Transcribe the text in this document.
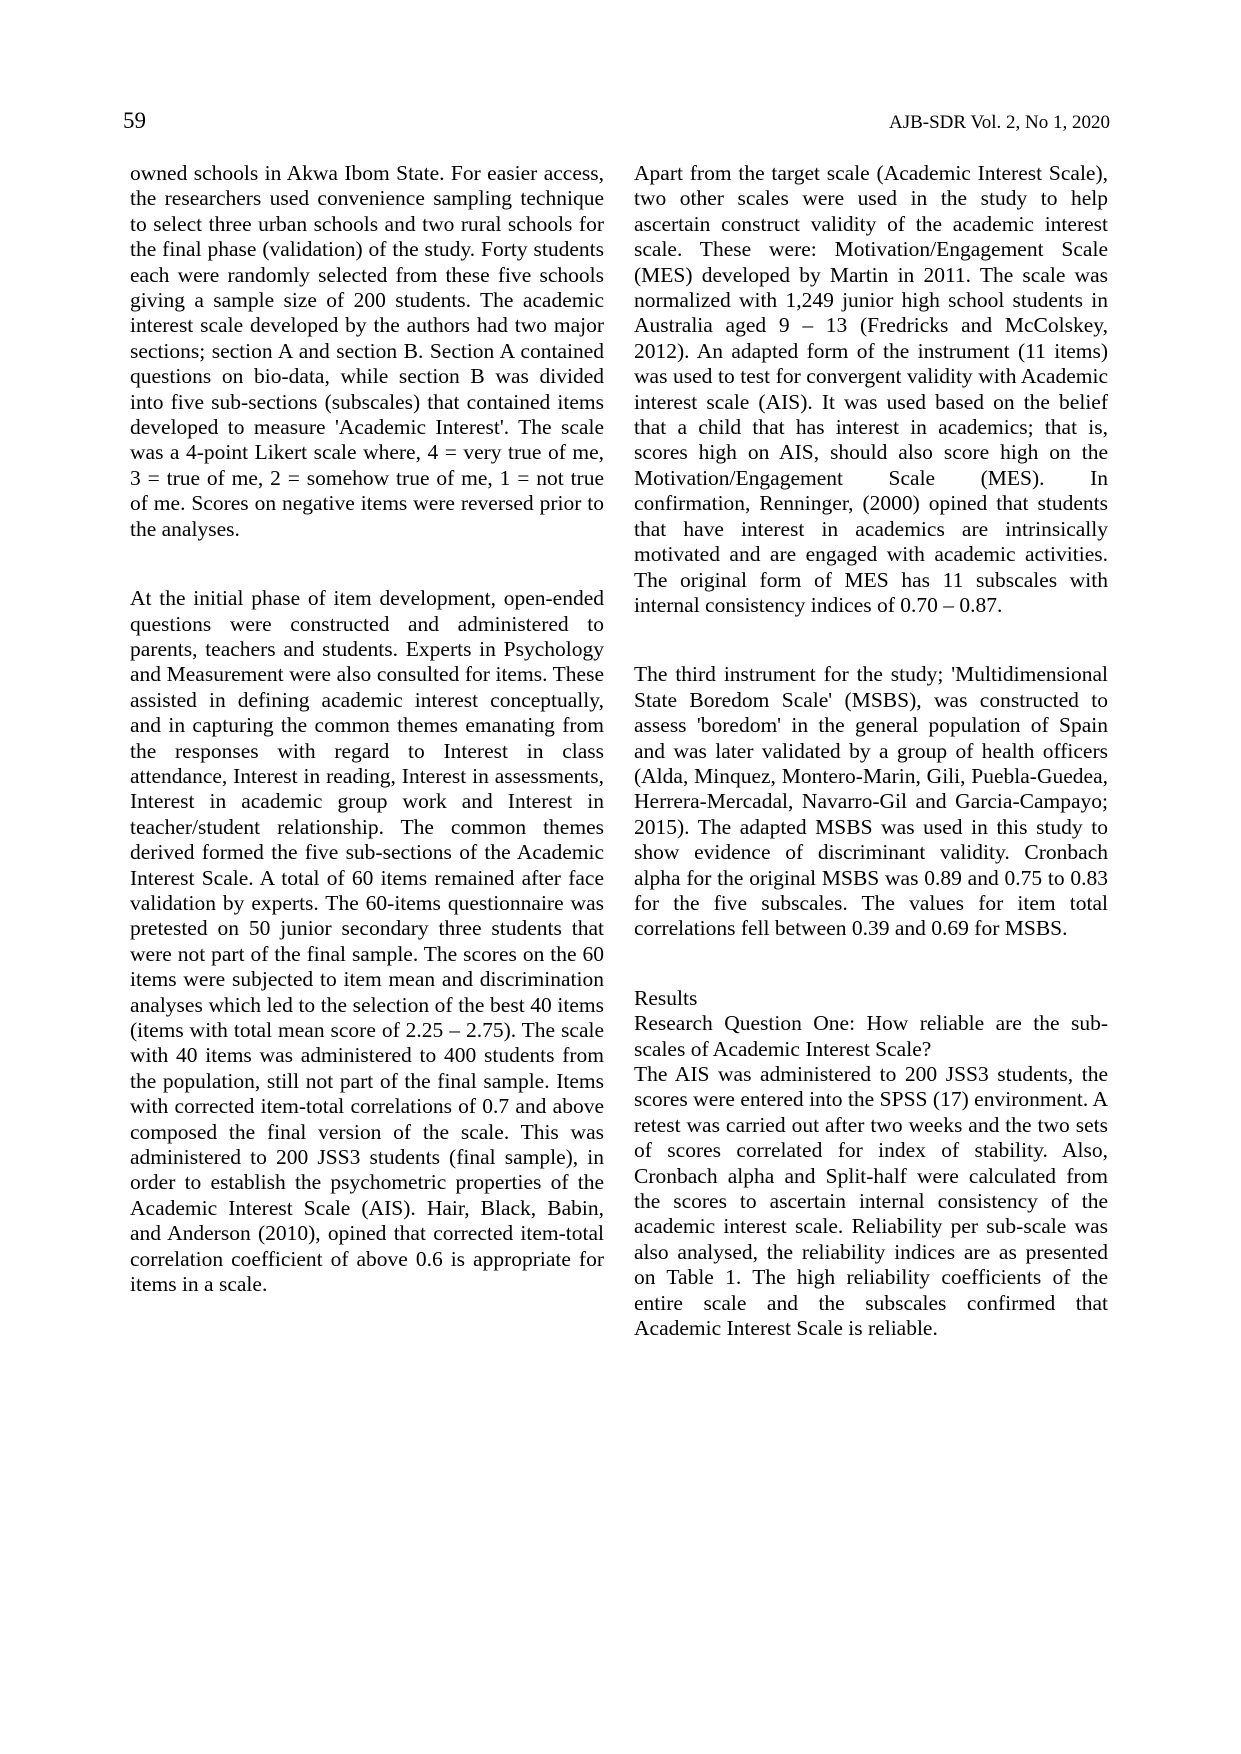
59	AJB-SDR Vol. 2, No 1, 2020

owned schools in Akwa Ibom State. For easier access, the researchers used convenience sampling technique to select three urban schools and two rural schools for the final phase (validation) of the study. Forty students each were randomly selected from these five schools giving a sample size of 200 students. The academic interest scale developed by the authors had two major sections; section A and section B. Section A contained questions on bio-data, while section B was divided into five sub-sections (subscales) that contained items developed to measure 'Academic Interest'. The scale was a 4-point Likert scale where, 4 = very true of me, 3 = true of me, 2 = somehow true of me, 1 = not true of me. Scores on negative items were reversed prior to the analyses.

At the initial phase of item development, open-ended questions were constructed and administered to parents, teachers and students. Experts in Psychology and Measurement were also consulted for items. These assisted in defining academic interest conceptually, and in capturing the common themes emanating from the responses with regard to Interest in class attendance, Interest in reading, Interest in assessments, Interest in academic group work and Interest in teacher/student relationship. The common themes derived formed the five sub-sections of the Academic Interest Scale. A total of 60 items remained after face validation by experts. The 60-items questionnaire was pretested on 50 junior secondary three students that were not part of the final sample. The scores on the 60 items were subjected to item mean and discrimination analyses which led to the selection of the best 40 items (items with total mean score of 2.25 – 2.75). The scale with 40 items was administered to 400 students from the population, still not part of the final sample. Items with corrected item-total correlations of 0.7 and above composed the final version of the scale. This was administered to 200 JSS3 students (final sample), in order to establish the psychometric properties of the Academic Interest Scale (AIS). Hair, Black, Babin, and Anderson (2010), opined that corrected item-total correlation coefficient of above 0.6 is appropriate for items in a scale.

Apart from the target scale (Academic Interest Scale), two other scales were used in the study to help ascertain construct validity of the academic interest scale. These were: Motivation/Engagement Scale (MES) developed by Martin in 2011. The scale was normalized with 1,249 junior high school students in Australia aged 9 – 13 (Fredricks and McColskey, 2012). An adapted form of the instrument (11 items) was used to test for convergent validity with Academic interest scale (AIS). It was used based on the belief that a child that has interest in academics; that is, scores high on AIS, should also score high on the Motivation/Engagement Scale (MES). In confirmation, Renninger, (2000) opined that students that have interest in academics are intrinsically motivated and are engaged with academic activities. The original form of MES has 11 subscales with internal consistency indices of 0.70 – 0.87.

The third instrument for the study; 'Multidimensional State Boredom Scale' (MSBS), was constructed to assess 'boredom' in the general population of Spain and was later validated by a group of health officers (Alda, Minquez, Montero-Marin, Gili, Puebla-Guedea, Herrera-Mercadal, Navarro-Gil and Garcia-Campayo; 2015). The adapted MSBS was used in this study to show evidence of discriminant validity. Cronbach alpha for the original MSBS was 0.89 and 0.75 to 0.83 for the five subscales. The values for item total correlations fell between 0.39 and 0.69 for MSBS.

Results

Research Question One: How reliable are the sub-scales of Academic Interest Scale?

The AIS was administered to 200 JSS3 students, the scores were entered into the SPSS (17) environment. A retest was carried out after two weeks and the two sets of scores correlated for index of stability. Also, Cronbach alpha and Split-half were calculated from the scores to ascertain internal consistency of the academic interest scale. Reliability per sub-scale was also analysed, the reliability indices are as presented on Table 1. The high reliability coefficients of the entire scale and the subscales confirmed that Academic Interest Scale is reliable.
